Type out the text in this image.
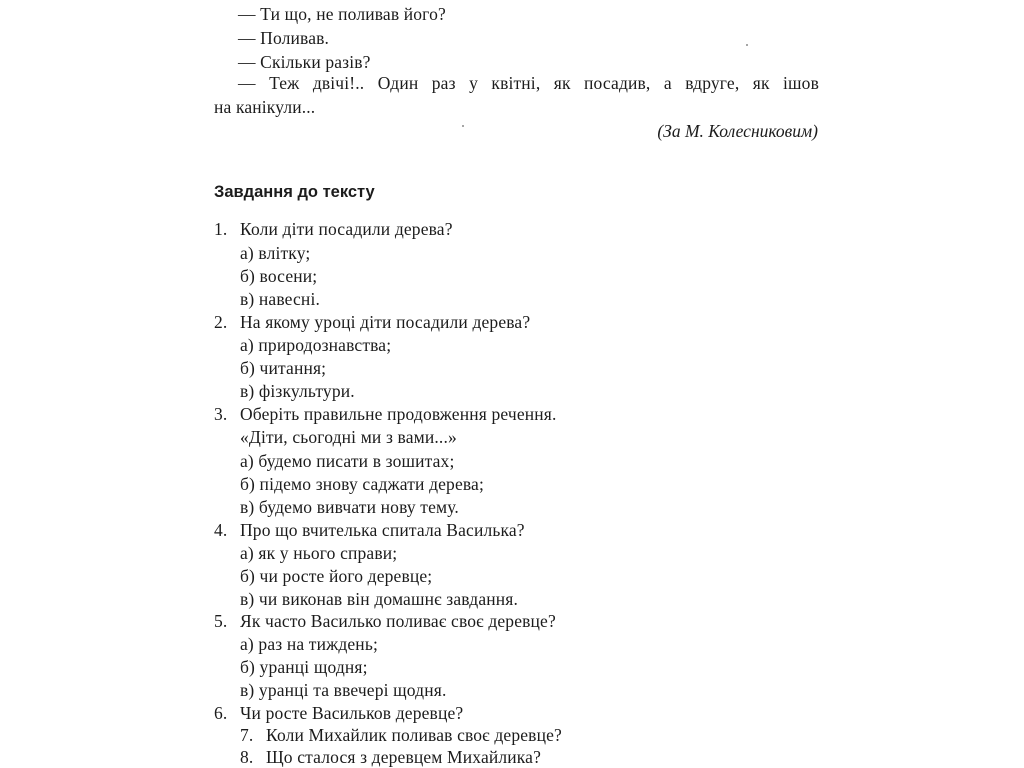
— Ти що, не поливав його?
— Поливав.
— Скільки разів?
— Теж двічі!.. Один раз у квітні, як посадив, а вдруге, як ішов
на канікули...
(За М. Колесниковим)
Завдання до тексту
1. Коли діти посадили дерева?
а) влітку;
б) восени;
в) навесні.
2. На якому уроці діти посадили дерева?
а) природознавства;
б) читання;
в) фізкультури.
3. Оберіть правильне продовження речення.
«Діти, сьогодні ми з вами...»
а) будемо писати в зошитах;
б) підемо знову саджати дерева;
в) будемо вивчати нову тему.
4. Про що вчителька спитала Василька?
а) як у нього справи;
б) чи росте його деревце;
в) чи виконав він домашнє завдання.
5. Як часто Василько поливає своє деревце?
а) раз на тиждень;
б) уранці щодня;
в) уранці та ввечері щодня.
6. Чи росте Васильков деревце?
7. Коли Михайлик поливав своє деревце?
8. Що сталося з деревцем Михайлика?
